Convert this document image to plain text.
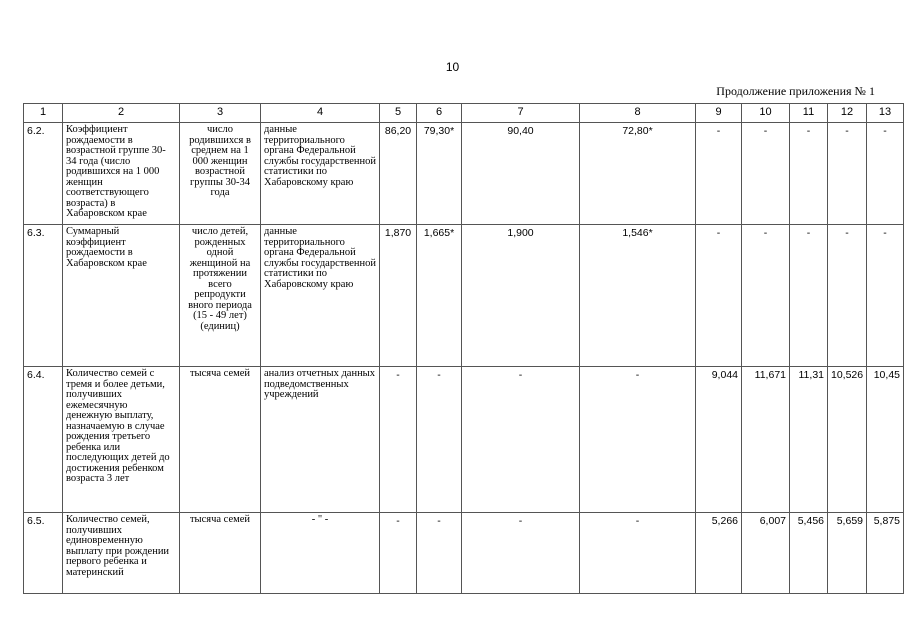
10
Продолжение приложения № 1
1	2	3	4	5	6	7	8	9	10	11	12	13
6.2.	Коэффициент рождаемости в возрастной группе 30-34 года (число родившихся на 1 000 женщин соответствующего возраста) в Хабаровском крае	число родившихся в среднем на 1 000 женщин возрастной группы 30-34 года	данные территориального органа Федеральной службы государственной статистики по Хабаровскому краю	86,20	79,30*	90,40	72,80*	-	-	-	-	-
6.3.	Суммарный коэффициент рождаемости в Хабаровском крае	число детей, рожденных одной женщиной на протяжении всего репродукти вного периода (15 - 49 лет) (единиц)	данные территориального органа Федеральной службы государственной статистики по Хабаровскому краю	1,870	1,665*	1,900	1,546*	-	-	-	-	-
6.4.	Количество семей с тремя и более детьми, получивших ежемесячную денежную выплату, назначаемую в случае рождения третьего ребенка или последующих детей до достижения ребенком возраста 3 лет	тысяча семей	анализ отчетных данных подведомственных учреждений	-	-	-	-	9,044	11,671	11,31	10,526	10,45
6.5.	Количество семей, получивших единовременную выплату при рождении первого ребенка и материнский	тысяча семей	- " -	-	-	-	-	5,266	6,007	5,456	5,659	5,875
